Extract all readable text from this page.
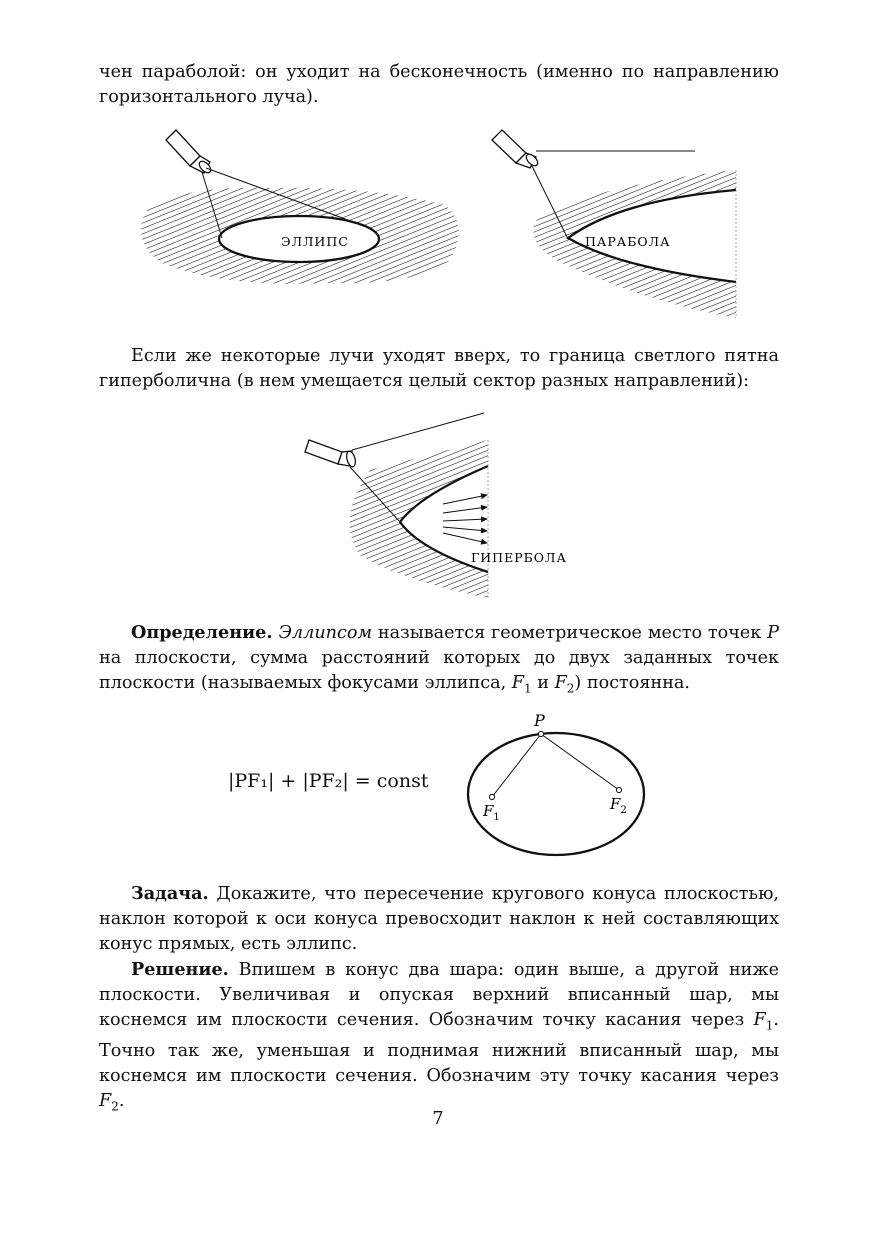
чен параболой: он уходит на бесконечность (именно по направлению горизонтального луча).

ЭЛЛИПС	ПАРАБОЛА

Если же некоторые лучи уходят вверх, то граница светлого пятна гиперболична (в нем умещается целый сектор разных направлений):

ГИПЕРБОЛА

Определение. Эллипсом называется геометрическое место точек P на плоскости, сумма расстояний которых до двух заданных точек плоскости (называемых фокусами эллипса, $F_1$ и $F_2$) постоянна.

|PF₁| + |PF₂| = const
P
$F_1$
$F_2$

Задача. Докажите, что пересечение кругового конуса плоскостью, наклон которой к оси конуса превосходит наклон к ней составляющих конус прямых, есть эллипс.

Решение. Впишем в конус два шара: один выше, а другой ниже плоскости. Увеличивая и опуская верхний вписанный шар, мы коснемся им плоскости сечения. Обозначим точку касания через $F_1$. Точно так же, уменьшая и поднимая нижний вписанный шар, мы коснемся им плоскости сечения. Обозначим эту точку касания через $F_2$.

7
